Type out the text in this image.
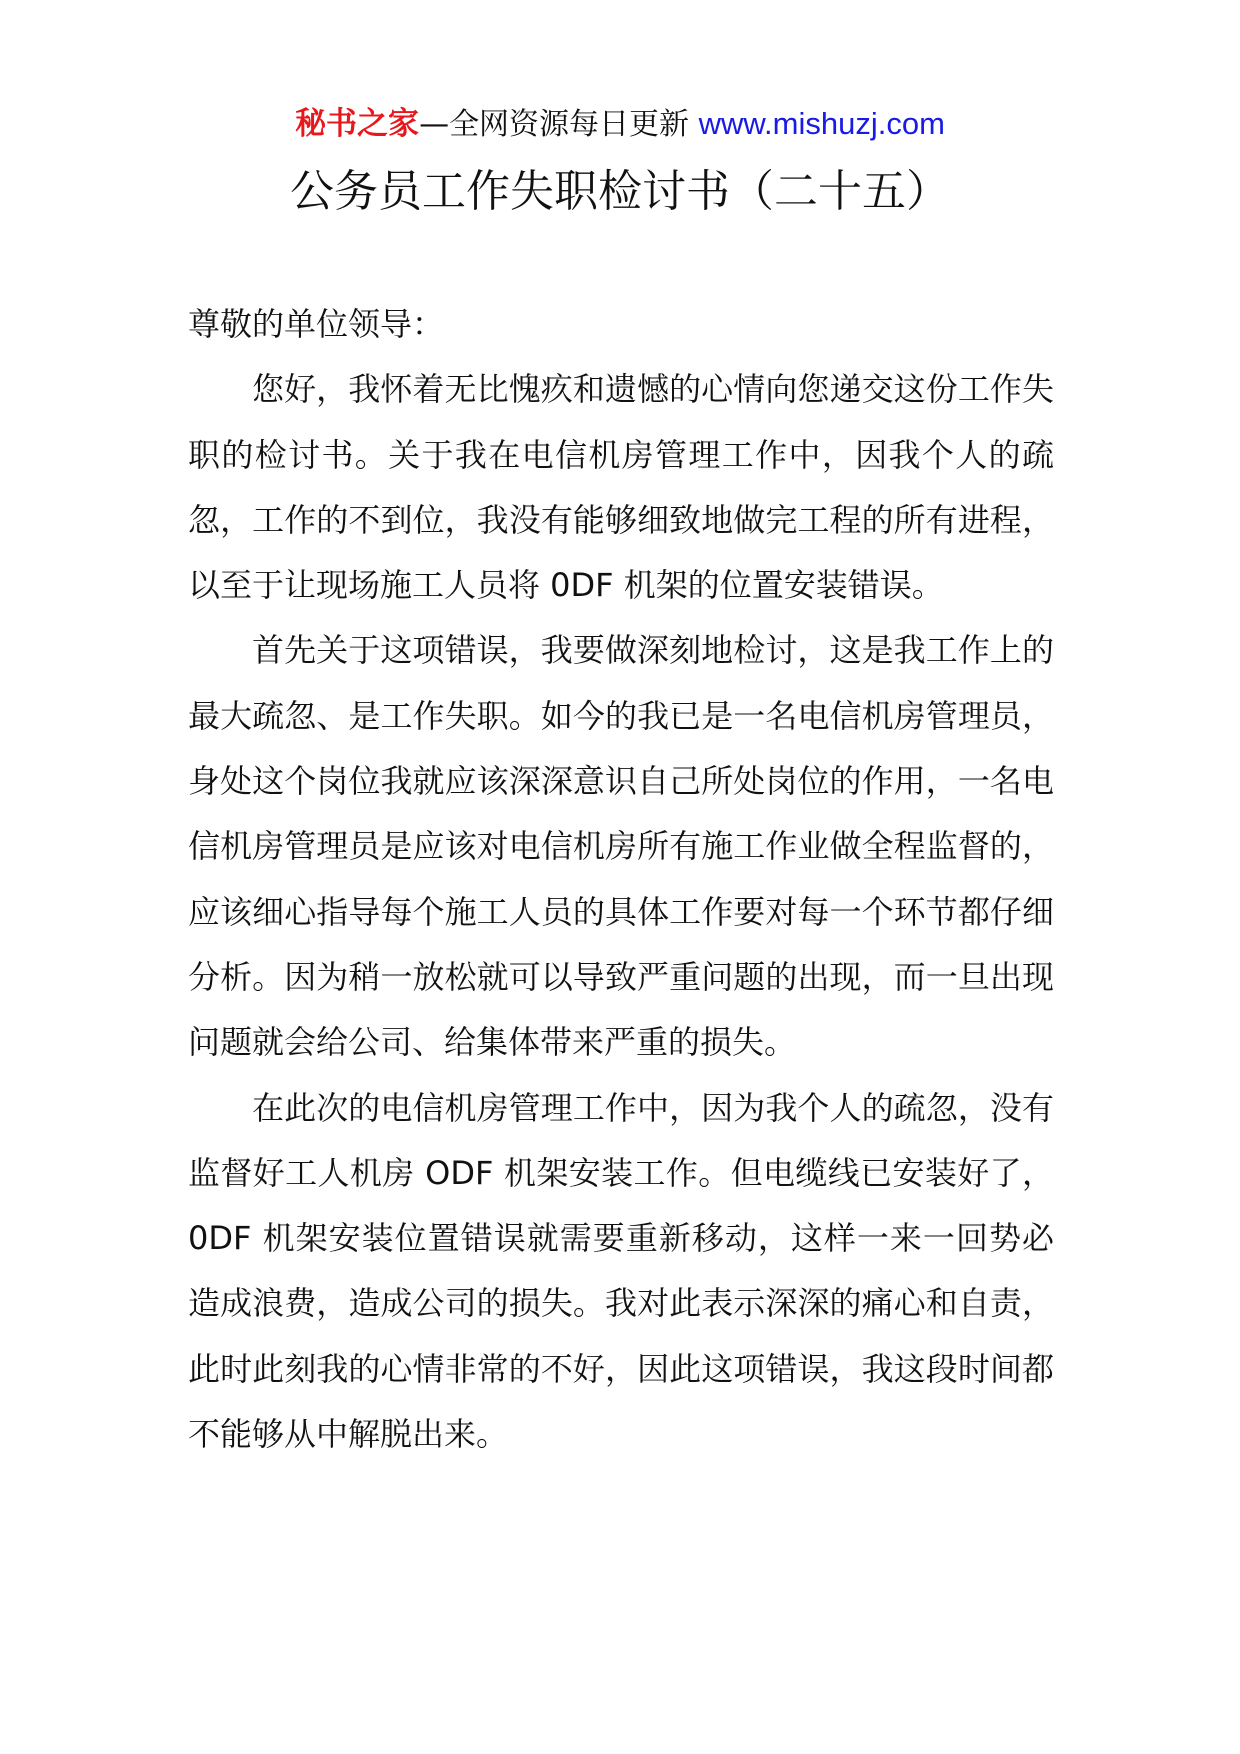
秘书之家—全网资源每日更新 www.mishuzj.com
公务员工作失职检讨书（二十五）

尊敬的单位领导：

您好，我怀着无比愧疚和遗憾的心情向您递交这份工作失职的检讨书。关于我在电信机房管理工作中，因我个人的疏忽，工作的不到位，我没有能够细致地做完工程的所有进程，以至于让现场施工人员将 0DF 机架的位置安装错误。

首先关于这项错误，我要做深刻地检讨，这是我工作上的最大疏忽、是工作失职。如今的我已是一名电信机房管理员，身处这个岗位我就应该深深意识自己所处岗位的作用，一名电信机房管理员是应该对电信机房所有施工作业做全程监督的，应该细心指导每个施工人员的具体工作要对每一个环节都仔细分析。因为稍一放松就可以导致严重问题的出现，而一旦出现问题就会给公司、给集体带来严重的损失。

在此次的电信机房管理工作中，因为我个人的疏忽，没有监督好工人机房 ODF 机架安装工作。但电缆线已安装好了，0DF 机架安装位置错误就需要重新移动，这样一来一回势必造成浪费，造成公司的损失。我对此表示深深的痛心和自责，此时此刻我的心情非常的不好，因此这项错误，我这段时间都不能够从中解脱出来。
